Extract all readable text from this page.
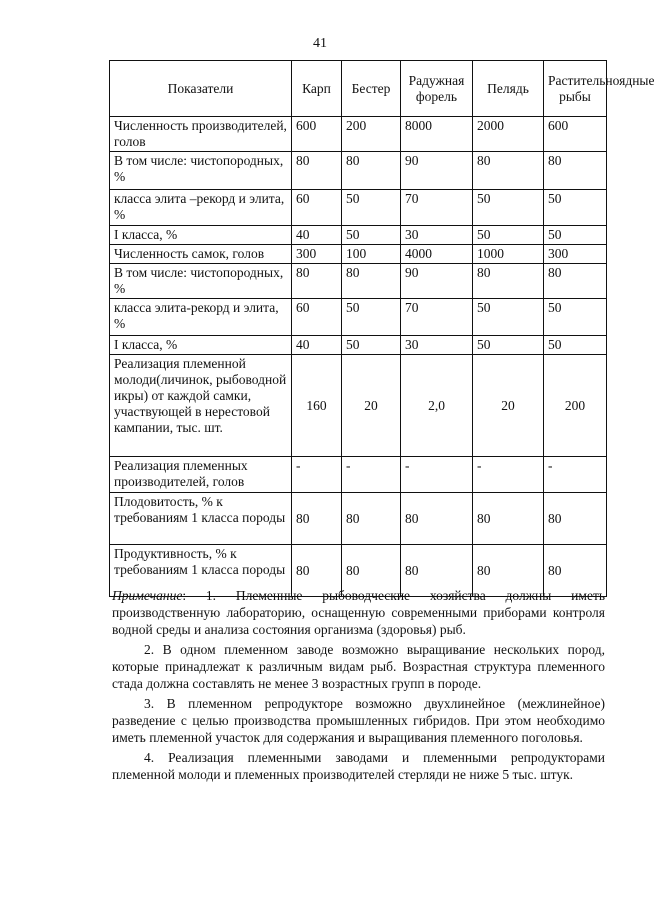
41
Показатели	Карп	Бестер	Радужная форель	Пелядь	Растительноядные рыбы
Численность производителей, голов	600	200	8000	2000	600
В том числе: чистопородных, %	80	80	90	80	80
класса элита –рекорд и элита, %	60	50	70	50	50
I класса, %	40	50	30	50	50
Численность самок, голов	300	100	4000	1000	300
В том числе: чистопородных, %	80	80	90	80	80
класса элита-рекорд и элита, %	60	50	70	50	50
I класса, %	40	50	30	50	50
Реализация племенной молоди(личинок, рыбоводной икры) от каждой самки, участвующей в нерестовой кампании, тыс. шт.	160	20	2,0	20	200
Реализация племенных производителей, голов	-	-	-	-	-
Плодовитость, % к требованиям 1 класса породы	80	80	80	80	80
Продуктивность, % к требованиям 1 класса породы	80	80	80	80	80

Примечание: 1. Племенные рыбоводческие хозяйства должны иметь производственную лабораторию, оснащенную современными приборами контроля водной среды и анализа состояния организма (здоровья) рыб.

2. В одном племенном заводе возможно выращивание нескольких пород, которые принадлежат к различным видам рыб. Возрастная структура племенного стада должна составлять не менее 3 возрастных групп в породе.

3. В племенном репродукторе возможно двухлинейное (межлинейное) разведение с целью производства промышленных гибридов. При этом необходимо иметь племенной участок для содержания и выращивания племенного поголовья.

4. Реализация племенными заводами и племенными репродукторами племенной молоди и племенных производителей стерляди не ниже 5 тыс. штук.
